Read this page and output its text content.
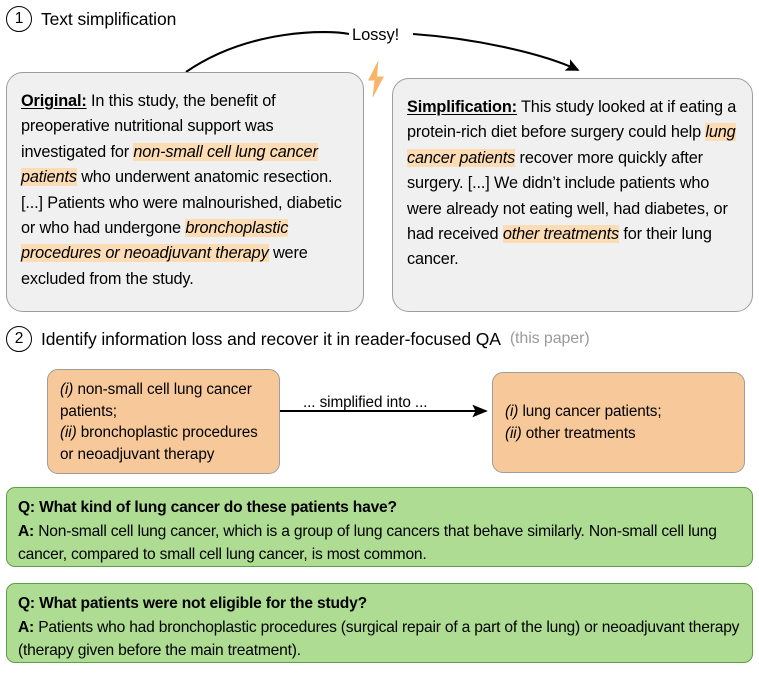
1	Text simplification
Lossy!
Original: In this study, the benefit of preoperative nutritional support was investigated for non-small cell lung cancer patients who underwent anatomic resection. [...] Patients who were malnourished, diabetic or who had undergone bronchoplastic procedures or neoadjuvant therapy were excluded from the study.
Simplification: This study looked at if eating a protein-rich diet before surgery could help lung cancer patients recover more quickly after surgery. [...] We didn’t include patients who were already not eating well, had diabetes, or had received other treatments for their lung cancer.
2	Identify information loss and recover it in reader-focused QA (this paper)
(i) non-small cell lung cancer patients;
(ii) bronchoplastic procedures or neoadjuvant therapy
... simplified into ...
(i) lung cancer patients;
(ii) other treatments
Q: What kind of lung cancer do these patients have?
A: Non-small cell lung cancer, which is a group of lung cancers that behave similarly. Non-small cell lung cancer, compared to small cell lung cancer, is most common.
Q: What patients were not eligible for the study?
A: Patients who had bronchoplastic procedures (surgical repair of a part of the lung) or neoadjuvant therapy (therapy given before the main treatment).
